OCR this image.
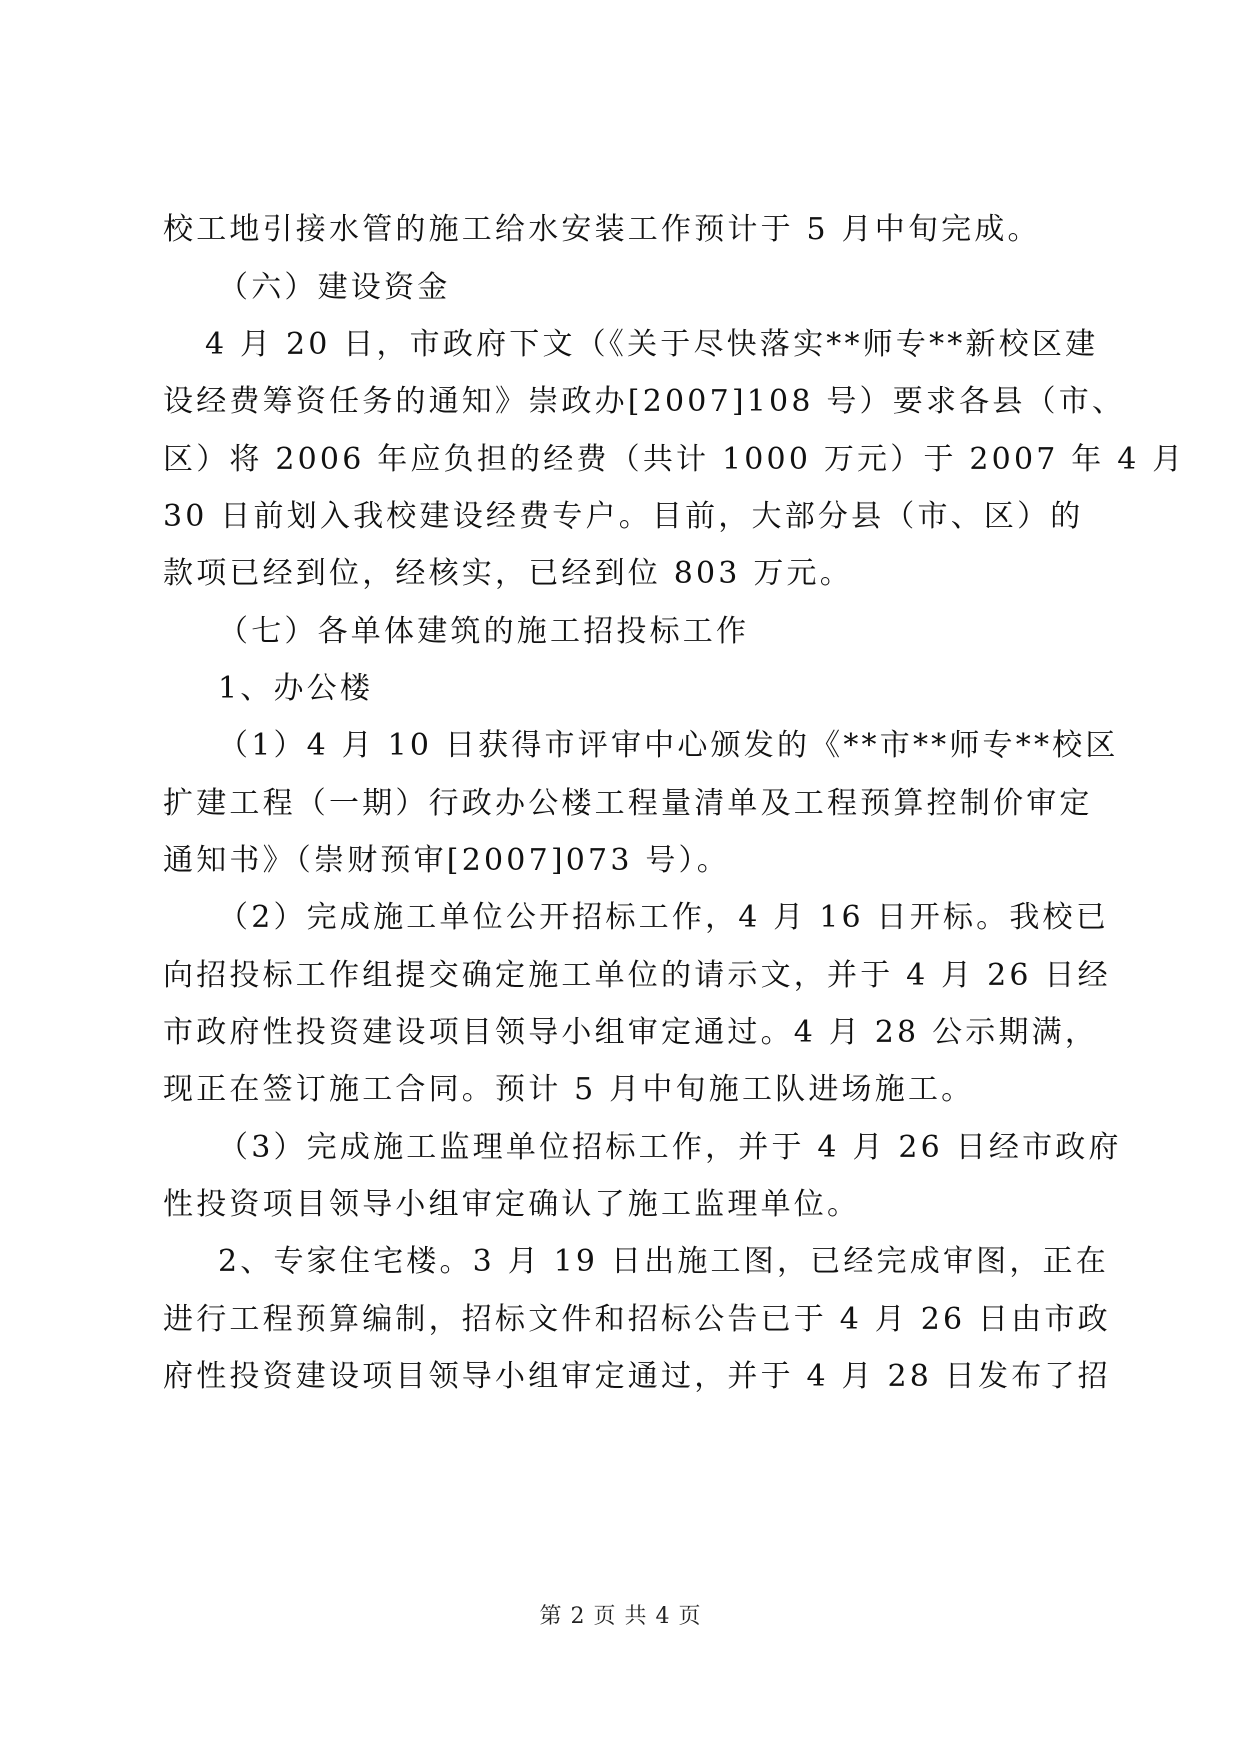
校工地引接水管的施工给水安装工作预计于 5 月中旬完成。
（六）建设资金
4 月 20 日，市政府下文（《关于尽快落实**师专**新校区建
设经费筹资任务的通知》崇政办[2007]108 号）要求各县（市、
区）将 2006 年应负担的经费（共计 1000 万元）于 2007 年 4 月
30 日前划入我校建设经费专户。目前，大部分县（市、区）的
款项已经到位，经核实，已经到位 803 万元。
（七）各单体建筑的施工招投标工作
1、办公楼
（1）4 月 10 日获得市评审中心颁发的《**市**师专**校区
扩建工程（一期）行政办公楼工程量清单及工程预算控制价审定
通知书》（崇财预审[2007]073 号）。
（2）完成施工单位公开招标工作，4 月 16 日开标。我校已
向招投标工作组提交确定施工单位的请示文，并于 4 月 26 日经
市政府性投资建设项目领导小组审定通过。4 月 28 公示期满，
现正在签订施工合同。预计 5 月中旬施工队进场施工。
（3）完成施工监理单位招标工作，并于 4 月 26 日经市政府
性投资项目领导小组审定确认了施工监理单位。
2、专家住宅楼。3 月 19 日出施工图，已经完成审图，正在
进行工程预算编制，招标文件和招标公告已于 4 月 26 日由市政
府性投资建设项目领导小组审定通过，并于 4 月 28 日发布了招
第 2 页 共 4 页
